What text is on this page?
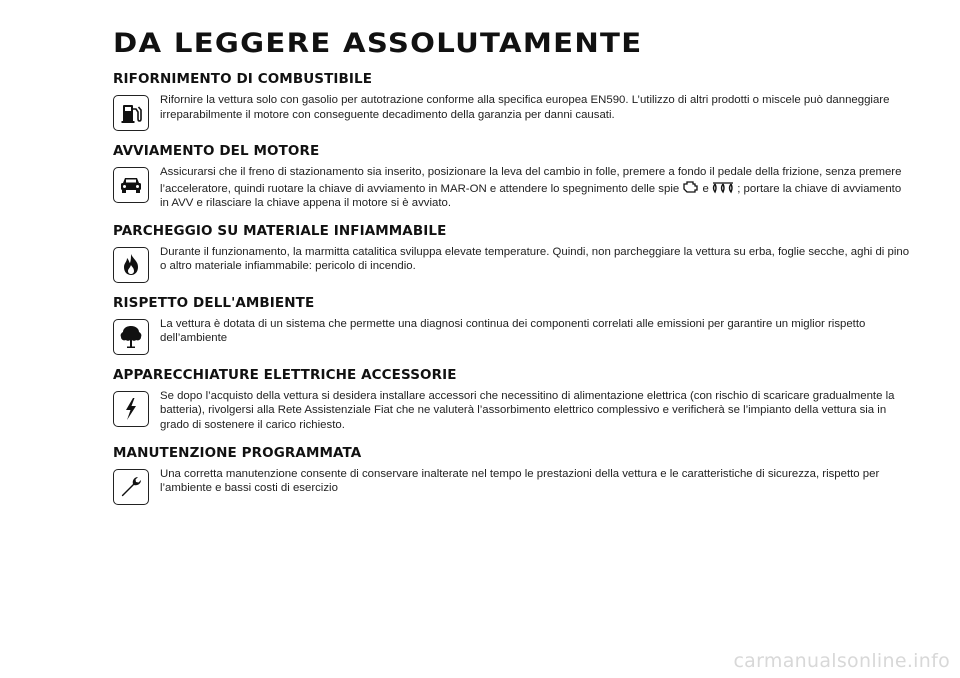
DA LEGGERE ASSOLUTAMENTE
RIFORNIMENTO DI COMBUSTIBILE
Rifornire la vettura solo con gasolio per autotrazione conforme alla specifica europea EN590. L’utilizzo di altri prodotti o miscele può danneggiare irreparabilmente il motore con conseguente decadimento della garanzia per danni causati.
AVVIAMENTO DEL MOTORE
Assicurarsi che il freno di stazionamento sia inserito, posizionare la leva del cambio in folle, premere a fondo il pedale della frizione, senza premere l’acceleratore, quindi ruotare la chiave di avviamento in MAR-ON e attendere lo spegnimento delle spie
e
; portare la chiave di avviamento in AVV e rilasciare la chiave appena il motore si è avviato.
PARCHEGGIO SU MATERIALE INFIAMMABILE
Durante il funzionamento, la marmitta catalitica sviluppa elevate temperature. Quindi, non parcheggiare la vettura su erba, foglie secche, aghi di pino o altro materiale infiammabile: pericolo di incendio.
RISPETTO DELL'AMBIENTE
La vettura è dotata di un sistema che permette una diagnosi continua dei componenti correlati alle emissioni per garantire un miglior rispetto dell’ambiente
APPARECCHIATURE ELETTRICHE ACCESSORIE
Se dopo l’acquisto della vettura si desidera installare accessori che necessitino di alimentazione elettrica (con rischio di scaricare gradualmente la batteria), rivolgersi alla Rete Assistenziale Fiat che ne valuterà l’assorbimento elettrico complessivo e verificherà se l’impianto della vettura sia in grado di sostenere il carico richiesto.
MANUTENZIONE PROGRAMMATA
Una corretta manutenzione consente di conservare inalterate nel tempo le prestazioni della vettura e le caratteristiche di sicurezza, rispetto per l’ambiente e bassi costi di esercizio
carmanualsonline.info
